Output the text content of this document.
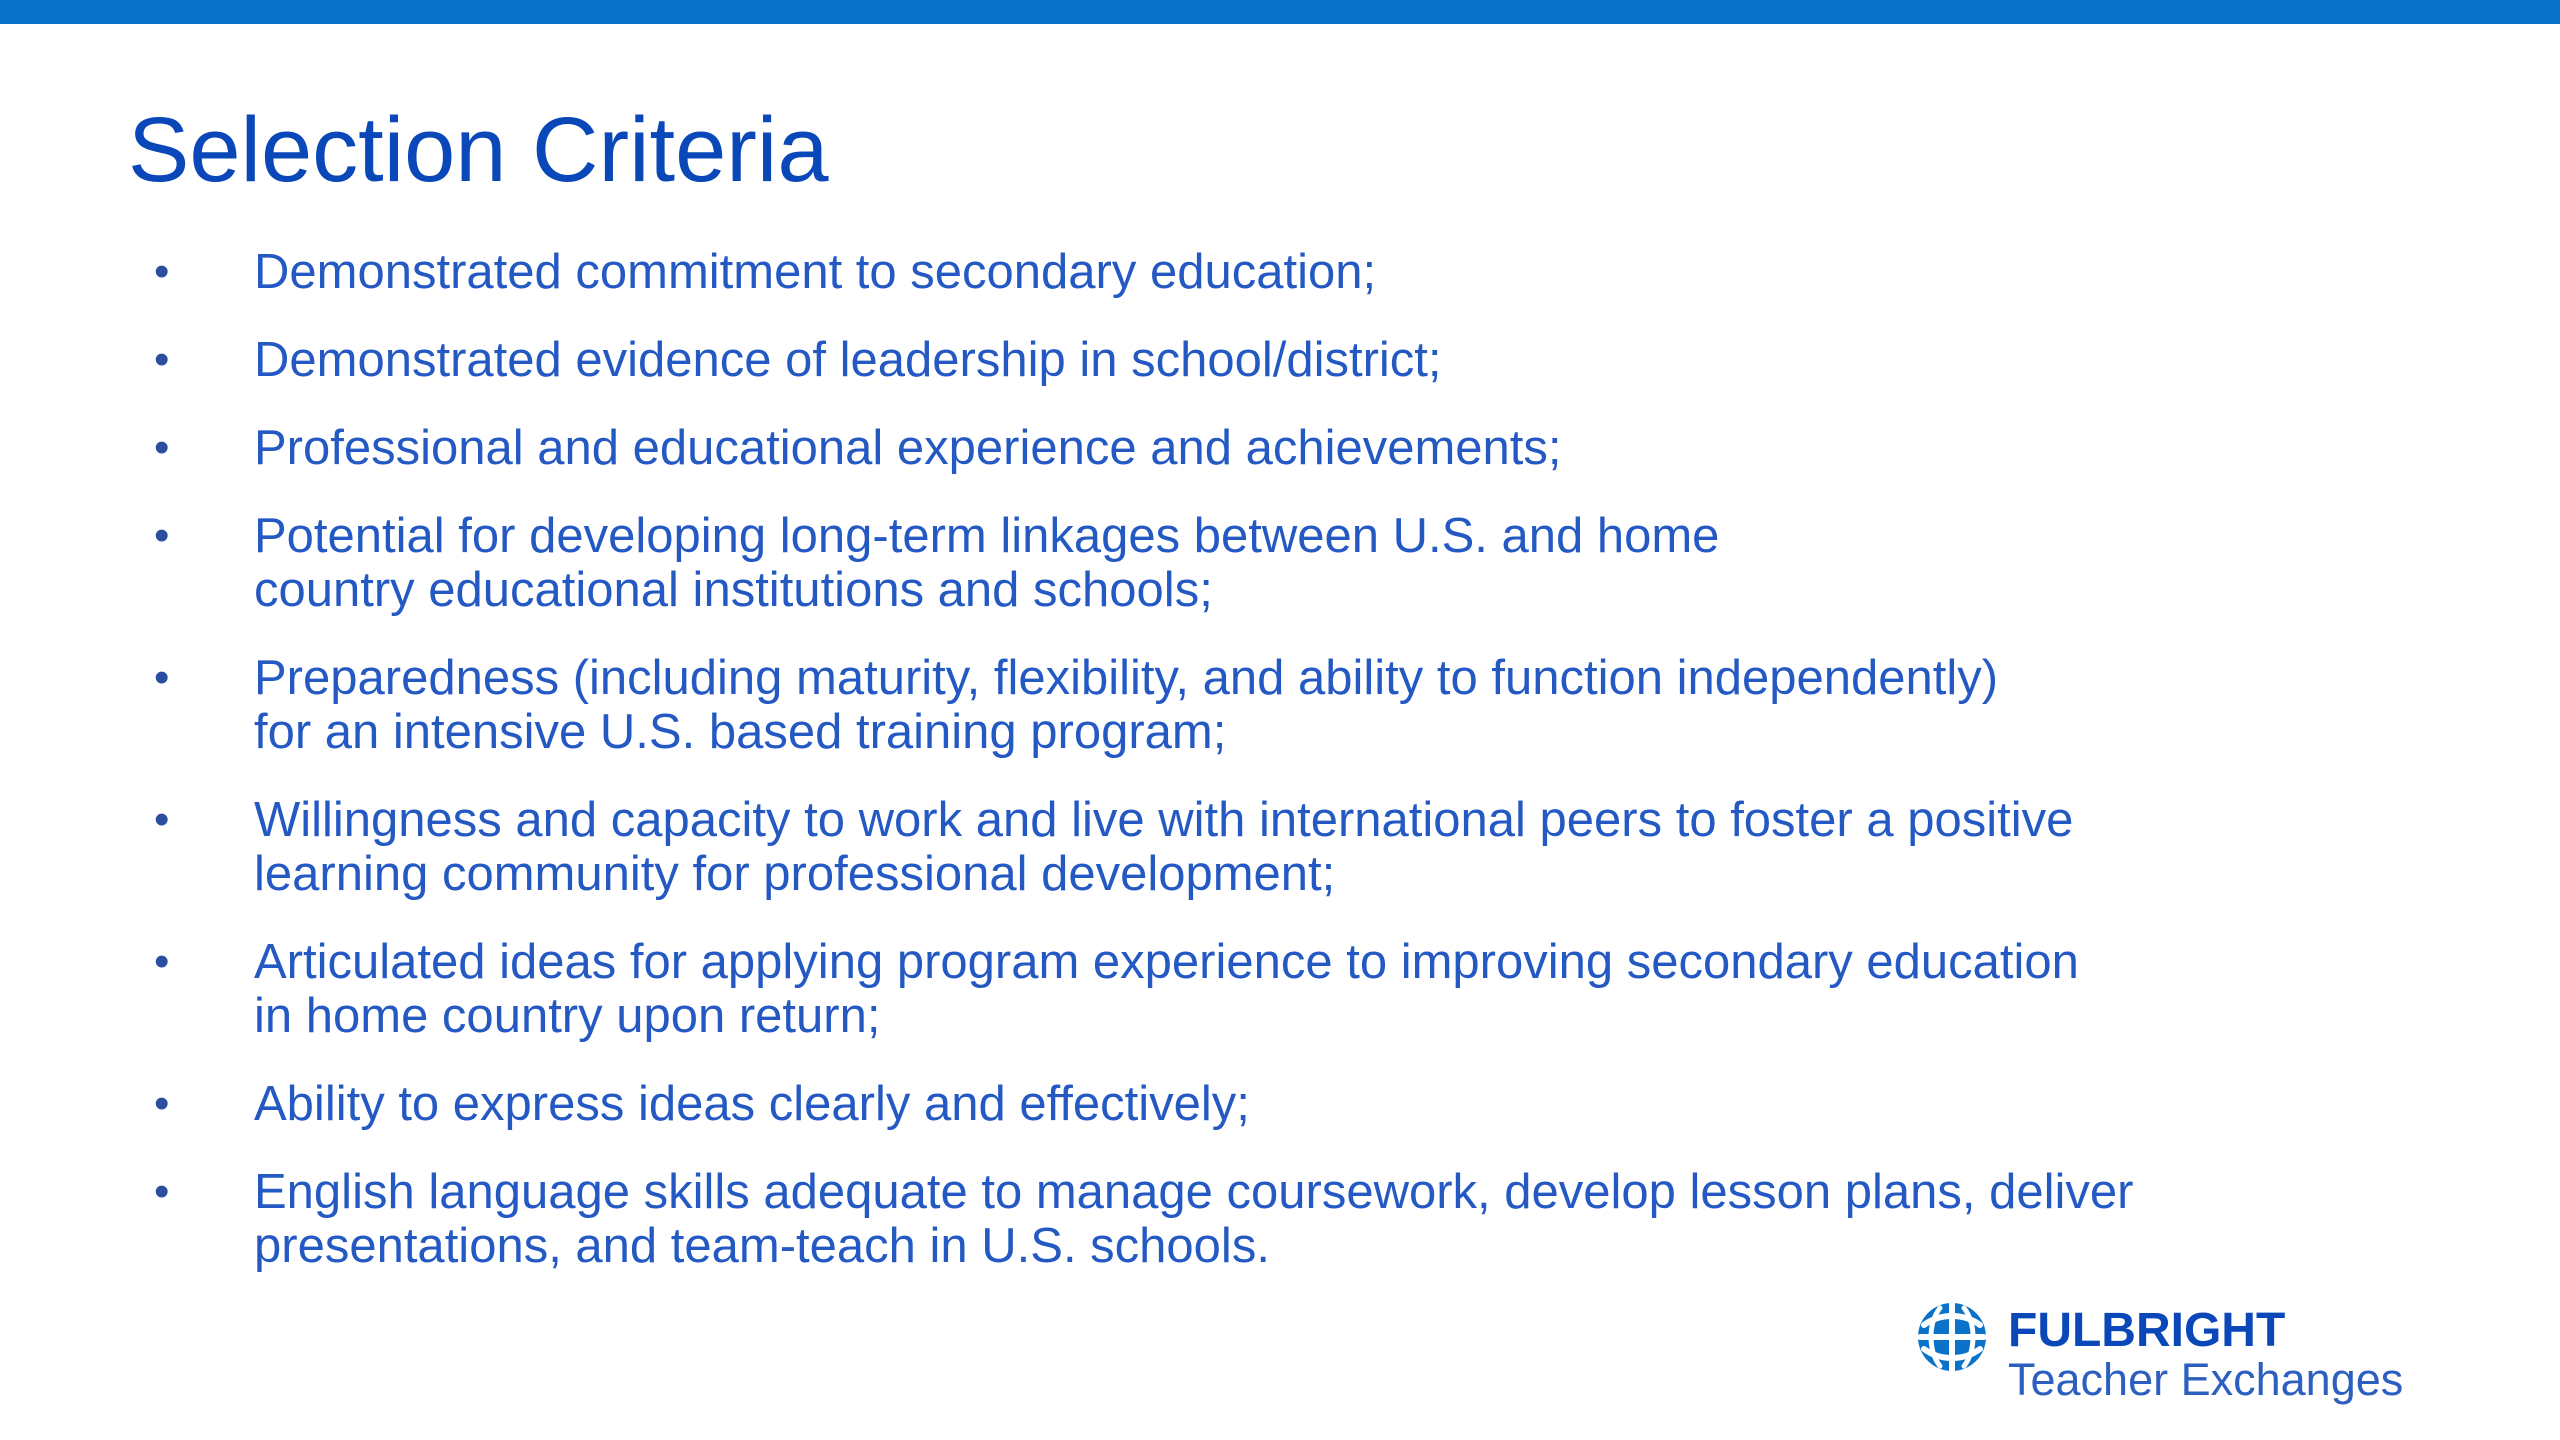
Selection Criteria
•	Demonstrated commitment to secondary education;
•	Demonstrated evidence of leadership in school/district;
•	Professional and educational experience and achievements;
•	Potential for developing long-term linkages between U.S. and home
country educational institutions and schools;
•	Preparedness (including maturity, flexibility, and ability to function independently)
for an intensive U.S. based training program;
•	Willingness and capacity to work and live with international peers to foster a positive
learning community for professional development;
•	Articulated ideas for applying program experience to improving secondary education
in home country upon return;
•	Ability to express ideas clearly and effectively;
•	English language skills adequate to manage coursework, develop lesson plans, deliver
presentations, and team-teach in U.S. schools.
FULBRIGHT
Teacher Exchanges
